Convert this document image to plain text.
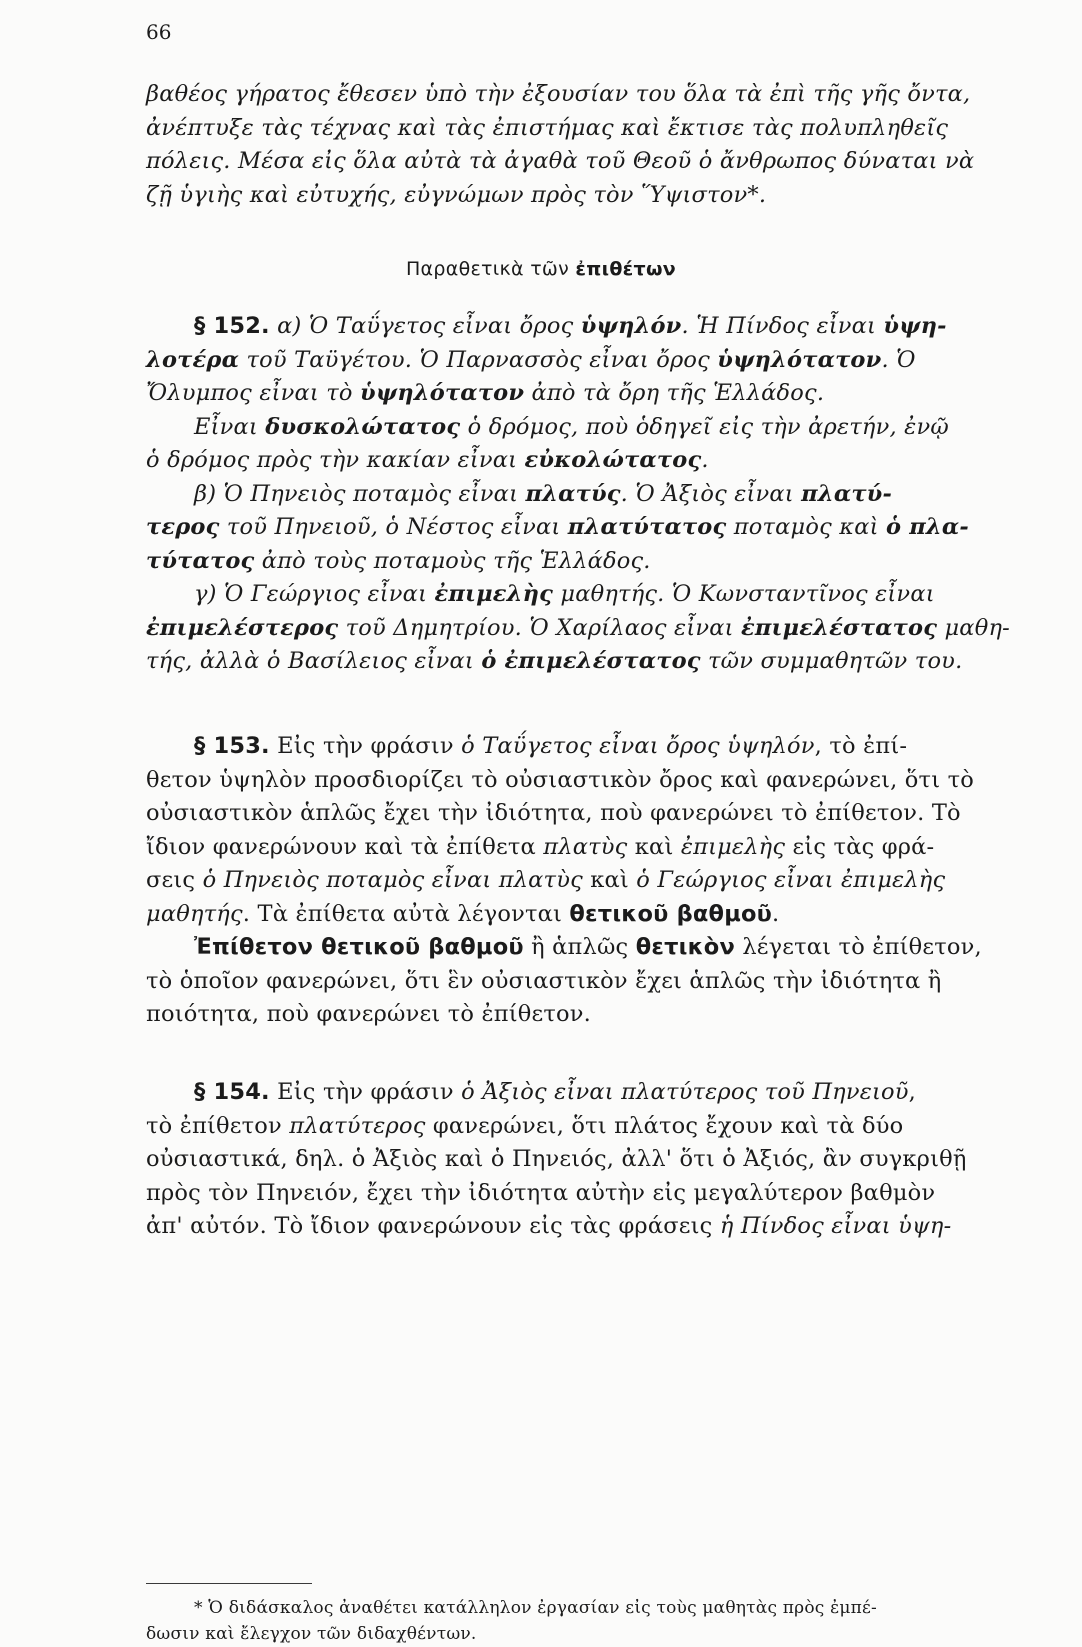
66
βαθέος γήρατος ἔθεσεν ὑπὸ τὴν ἐξουσίαν του ὅλα τὰ ἐπὶ τῆς γῆς ὄντα,
ἀνέπτυξε τὰς τέχνας καὶ τὰς ἐπιστήμας καὶ ἔκτισε τὰς πολυπληθεῖς
πόλεις. Μέσα εἰς ὅλα αὐτὰ τὰ ἀγαθὰ τοῦ Θεοῦ ὁ ἄνθρωπος δύναται νὰ
ζῇ ὑγιὴς καὶ εὐτυχής, εὐγνώμων πρὸς τὸν Ὕψιστον*.
Παραθετικὰ τῶν ἐπιθέτων
§ 152. α) Ὁ Ταΰγετος εἶναι ὄρος ὑψηλόν. Ἡ Πίνδος εἶναι ὑψη-
λοτέρα τοῦ Ταϋγέτου. Ὁ Παρνασσὸς εἶναι ὄρος ὑψηλότατον. Ὁ
Ὄλυμπος εἶναι τὸ ὑψηλότατον ἀπὸ τὰ ὄρη τῆς Ἑλλάδος.
Εἶναι δυσκολώτατος ὁ δρόμος, ποὺ ὁδηγεῖ εἰς τὴν ἀρετήν, ἐνῷ
ὁ δρόμος πρὸς τὴν κακίαν εἶναι εὐκολώτατος.
β) Ὁ Πηνειὸς ποταμὸς εἶναι πλατύς. Ὁ Ἀξιὸς εἶναι πλατύ-
τερος τοῦ Πηνειοῦ, ὁ Νέστος εἶναι πλατύτατος ποταμὸς καὶ ὁ πλα-
τύτατος ἀπὸ τοὺς ποταμοὺς τῆς Ἑλλάδος.
γ) Ὁ Γεώργιος εἶναι ἐπιμελὴς μαθητής. Ὁ Κωνσταντῖνος εἶναι
ἐπιμελέστερος τοῦ Δημητρίου. Ὁ Χαρίλαος εἶναι ἐπιμελέστατος μαθη-
τής, ἀλλὰ ὁ Βασίλειος εἶναι ὁ ἐπιμελέστατος τῶν συμμαθητῶν του.
§ 153. Εἰς τὴν φράσιν ὁ Ταΰγετος εἶναι ὄρος ὑψηλόν, τὸ ἐπί-
θετον ὑψηλὸν προσδιορίζει τὸ οὐσιαστικὸν ὄρος καὶ φανερώνει, ὅτι τὸ
οὐσιαστικὸν ἁπλῶς ἔχει τὴν ἰδιότητα, ποὺ φανερώνει τὸ ἐπίθετον. Τὸ
ἴδιον φανερώνουν καὶ τὰ ἐπίθετα πλατὺς καὶ ἐπιμελὴς εἰς τὰς φρά-
σεις ὁ Πηνειὸς ποταμὸς εἶναι πλατὺς καὶ ὁ Γεώργιος εἶναι ἐπιμελὴς
μαθητής. Τὰ ἐπίθετα αὐτὰ λέγονται θετικοῦ βαθμοῦ.
Ἐπίθετον θετικοῦ βαθμοῦ ἢ ἁπλῶς θετικὸν λέγεται τὸ ἐπίθετον,
τὸ ὁποῖον φανερώνει, ὅτι ἓν οὐσιαστικὸν ἔχει ἁπλῶς τὴν ἰδιότητα ἢ
ποιότητα, ποὺ φανερώνει τὸ ἐπίθετον.
§ 154. Εἰς τὴν φράσιν ὁ Ἀξιὸς εἶναι πλατύτερος τοῦ Πηνειοῦ,
τὸ ἐπίθετον πλατύτερος φανερώνει, ὅτι πλάτος ἔχουν καὶ τὰ δύο
οὐσιαστικά, δηλ. ὁ Ἀξιὸς καὶ ὁ Πηνειός, ἀλλ' ὅτι ὁ Ἀξιός, ἂν συγκριθῇ
πρὸς τὸν Πηνειόν, ἔχει τὴν ἰδιότητα αὐτὴν εἰς μεγαλύτερον βαθμὸν
ἀπ' αὐτόν. Τὸ ἴδιον φανερώνουν εἰς τὰς φράσεις ἡ Πίνδος εἶναι ὑψη-
* Ὁ διδάσκαλος ἀναθέτει κατάλληλον ἐργασίαν εἰς τοὺς μαθητὰς πρὸς ἐμπέ-
δωσιν καὶ ἔλεγχον τῶν διδαχθέντων.
